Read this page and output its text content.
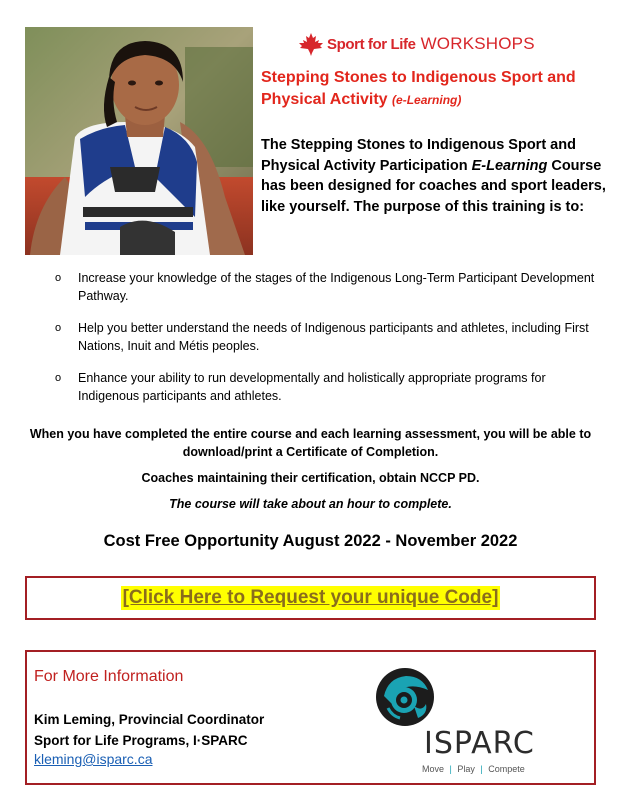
Sport for Life WORKSHOPS
Stepping Stones to Indigenous Sport and Physical Activity (e-Learning)
The Stepping Stones to Indigenous Sport and Physical Activity Participation E-Learning Course has been designed for coaches and sport leaders, like yourself. The purpose of this training is to:
o	Increase your knowledge of the stages of the Indigenous Long-Term Participant Development Pathway.
o	Help you better understand the needs of Indigenous participants and athletes, including First Nations, Inuit and Métis peoples.
o	Enhance your ability to run developmentally and holistically appropriate programs for Indigenous participants and athletes.
When you have completed the entire course and each learning assessment, you will be able to download/print a Certificate of Completion.
Coaches maintaining their certification, obtain NCCP PD.
The course will take about an hour to complete.
Cost Free Opportunity August 2022 - November 2022
[Click Here to Request your unique Code]
For More Information
Kim Leming, Provincial Coordinator
Sport for Life Programs, I·SPARC
kleming@isparc.ca	ISPARC
Move | Play | Compete
